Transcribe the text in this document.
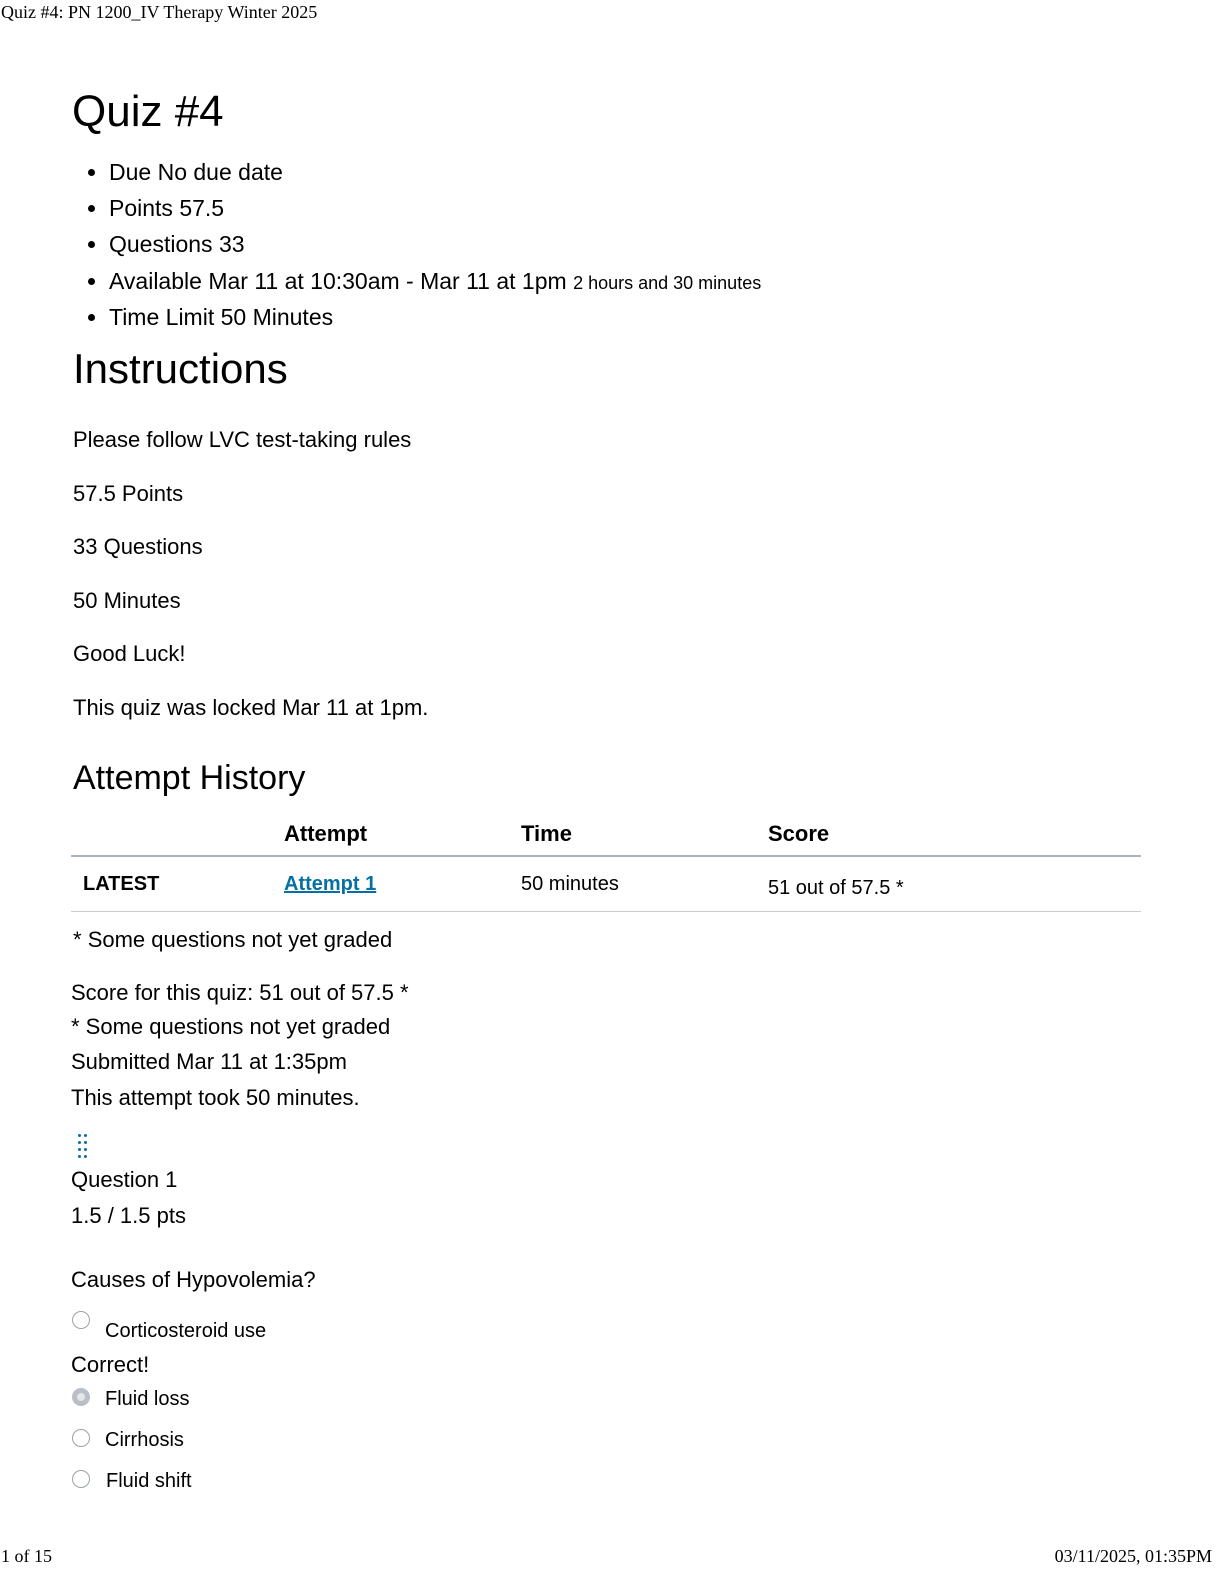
Quiz #4: PN 1200_IV Therapy Winter 2025
Quiz #4
Due No due date
Points 57.5
Questions 33
Available Mar 11 at 10:30am - Mar 11 at 1pm 2 hours and 30 minutes
Time Limit 50 Minutes
Instructions
Please follow LVC test-taking rules
57.5 Points
33 Questions
50 Minutes
Good Luck!
This quiz was locked Mar 11 at 1pm.
Attempt History
	Attempt	Time	Score
LATEST	Attempt 1	50 minutes	51 out of 57.5 *
* Some questions not yet graded
Score for this quiz: 51 out of 57.5 *
* Some questions not yet graded
Submitted Mar 11 at 1:35pm
This attempt took 50 minutes.
Question 1
1.5 / 1.5 pts
Causes of Hypovolemia?
Corticosteroid use
Correct!
Fluid loss
Cirrhosis
Fluid shift
1 of 15	03/11/2025, 01:35PM
